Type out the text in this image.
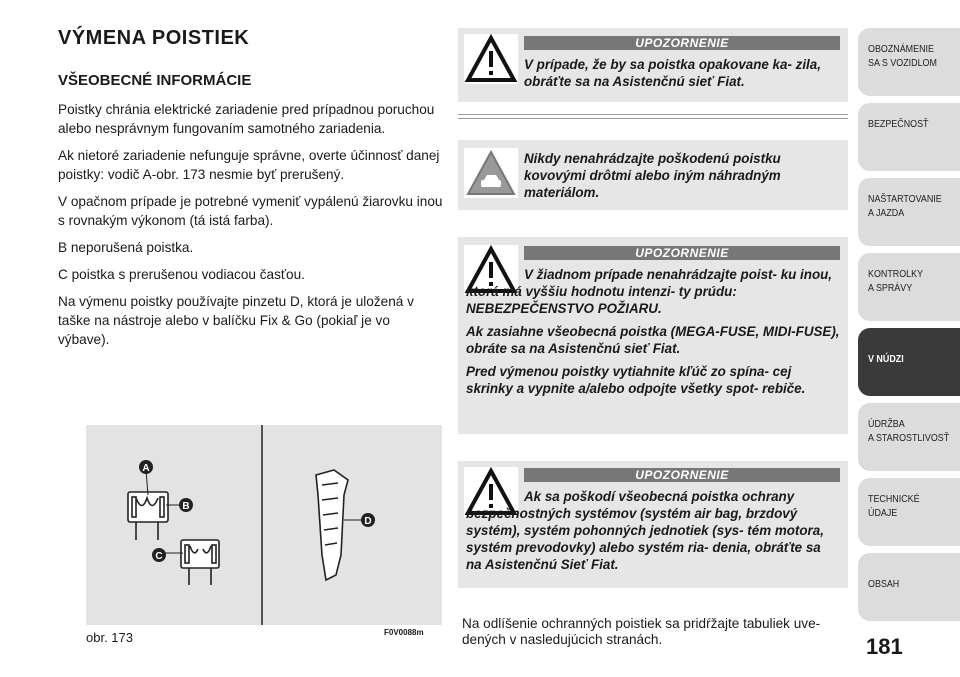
VÝMENA POISTIEK
VŠEOBECNÉ INFORMÁCIE

Poistky chránia elektrické zariadenie pred prípadnou poruchou alebo nesprávnym fungovaním samotného zariadenia.

Ak nietoré zariadenie nefunguje správne, overte účinnosť danej poistky: vodič A-obr. 173 nesmie byť prerušený.

V opačnom prípade je potrebné vymeniť vypálenú žiarovku inou s rovnakým výkonom (tá istá farba).

B neporušená poistka.

C poistka s prerušenou vodiacou časťou.

Na výmenu poistky používajte pinzetu D, ktorá je uložená v taške na nástroje alebo v balíčku Fix & Go (pokiaľ je vo výbave).

A
B
C
D
obr. 173	F0V0088m
UPOZORNENIE
V prípade, že by sa poistka opakovane ka- zila, obráťte sa na Asistenčnú sieť Fiat.
Nikdy nenahrádzajte poškodenú poistku kovovými drôtmi alebo iným náhradným materiálom.
UPOZORNENIE
V žiadnom prípade nenahrádzajte poist- ku inou, ktorá má vyššiu hodnotu intenzi- ty prúdu: NEBEZPEČENSTVO POŽIARU.
Ak zasiahne všeobecná poistka (MEGA-FUSE, MIDI-FUSE), obráte sa na Asistenčnú sieť Fiat.
Pred výmenou poistky vytiahnite kľúč zo spína- cej skrinky a vypnite a/alebo odpojte všetky spot- rebiče.
UPOZORNENIE
Ak sa poškodí všeobecná poistka ochrany bezpečnostných systémov (systém air bag, brzdový systém), systém pohonných jednotiek (sys- tém motora, systém prevodovky) alebo systém ria- denia, obráťte sa na Asistenčnú Sieť Fiat.
Na odlíšenie ochranných poistiek sa pridŕžajte tabuliek uve- dených v nasledujúcich stranách.
OBOZNÁMENIE
SA S VOZIDLOM
BEZPEČNOSŤ
NAŠTARTOVANIE
A JAZDA
KONTROLKY
A SPRÁVY
V NÚDZI
ÚDRŽBA
A STAROSTLIVOSŤ
TECHNICKÉ
ÚDAJE
OBSAH
181
